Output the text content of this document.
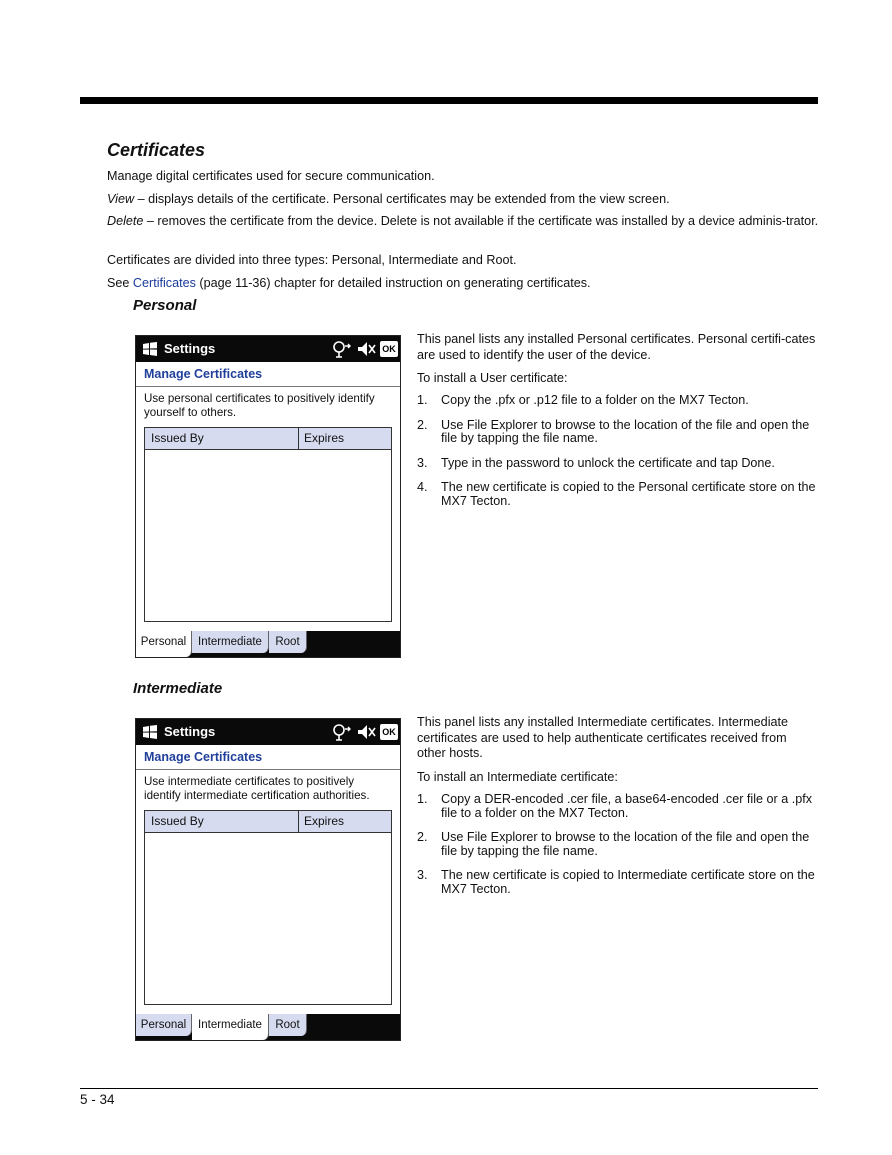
Certificates

Manage digital certificates used for secure communication.

View – displays details of the certificate. Personal certificates may be extended from the view screen.

Delete – removes the certificate from the device. Delete is not available if the certificate was installed by a device adminis-trator.

Certificates are divided into three types: Personal, Intermediate and Root.

See Certificates (page 11-36) chapter for detailed instruction on generating certificates.

Personal
Settings	OK
Manage Certificates
Use personal certificates to positively identify yourself to others.
Issued By	Expires
Personal	Intermediate	Root

This panel lists any installed Personal certificates. Personal certifi-cates are used to identify the user of the device.

To install a User certificate:

1. Copy the .pfx or .p12 file to a folder on the MX7 Tecton.
2. Use File Explorer to browse to the location of the file and open the file by tapping the file name.
3. Type in the password to unlock the certificate and tap Done.
4. The new certificate is copied to the Personal certificate store on the MX7 Tecton.
Intermediate
Settings	OK
Manage Certificates
Use intermediate certificates to positively identify intermediate certification authorities.
Issued By	Expires
Personal	Intermediate	Root

This panel lists any installed Intermediate certificates. Intermediate certificates are used to help authenticate certificates received from other hosts.

To install an Intermediate certificate:

1. Copy a DER-encoded .cer file, a base64-encoded .cer file or a .pfx file to a folder on the MX7 Tecton.
2. Use File Explorer to browse to the location of the file and open the file by tapping the file name.
3. The new certificate is copied to Intermediate certificate store on the MX7 Tecton.
5 - 34
